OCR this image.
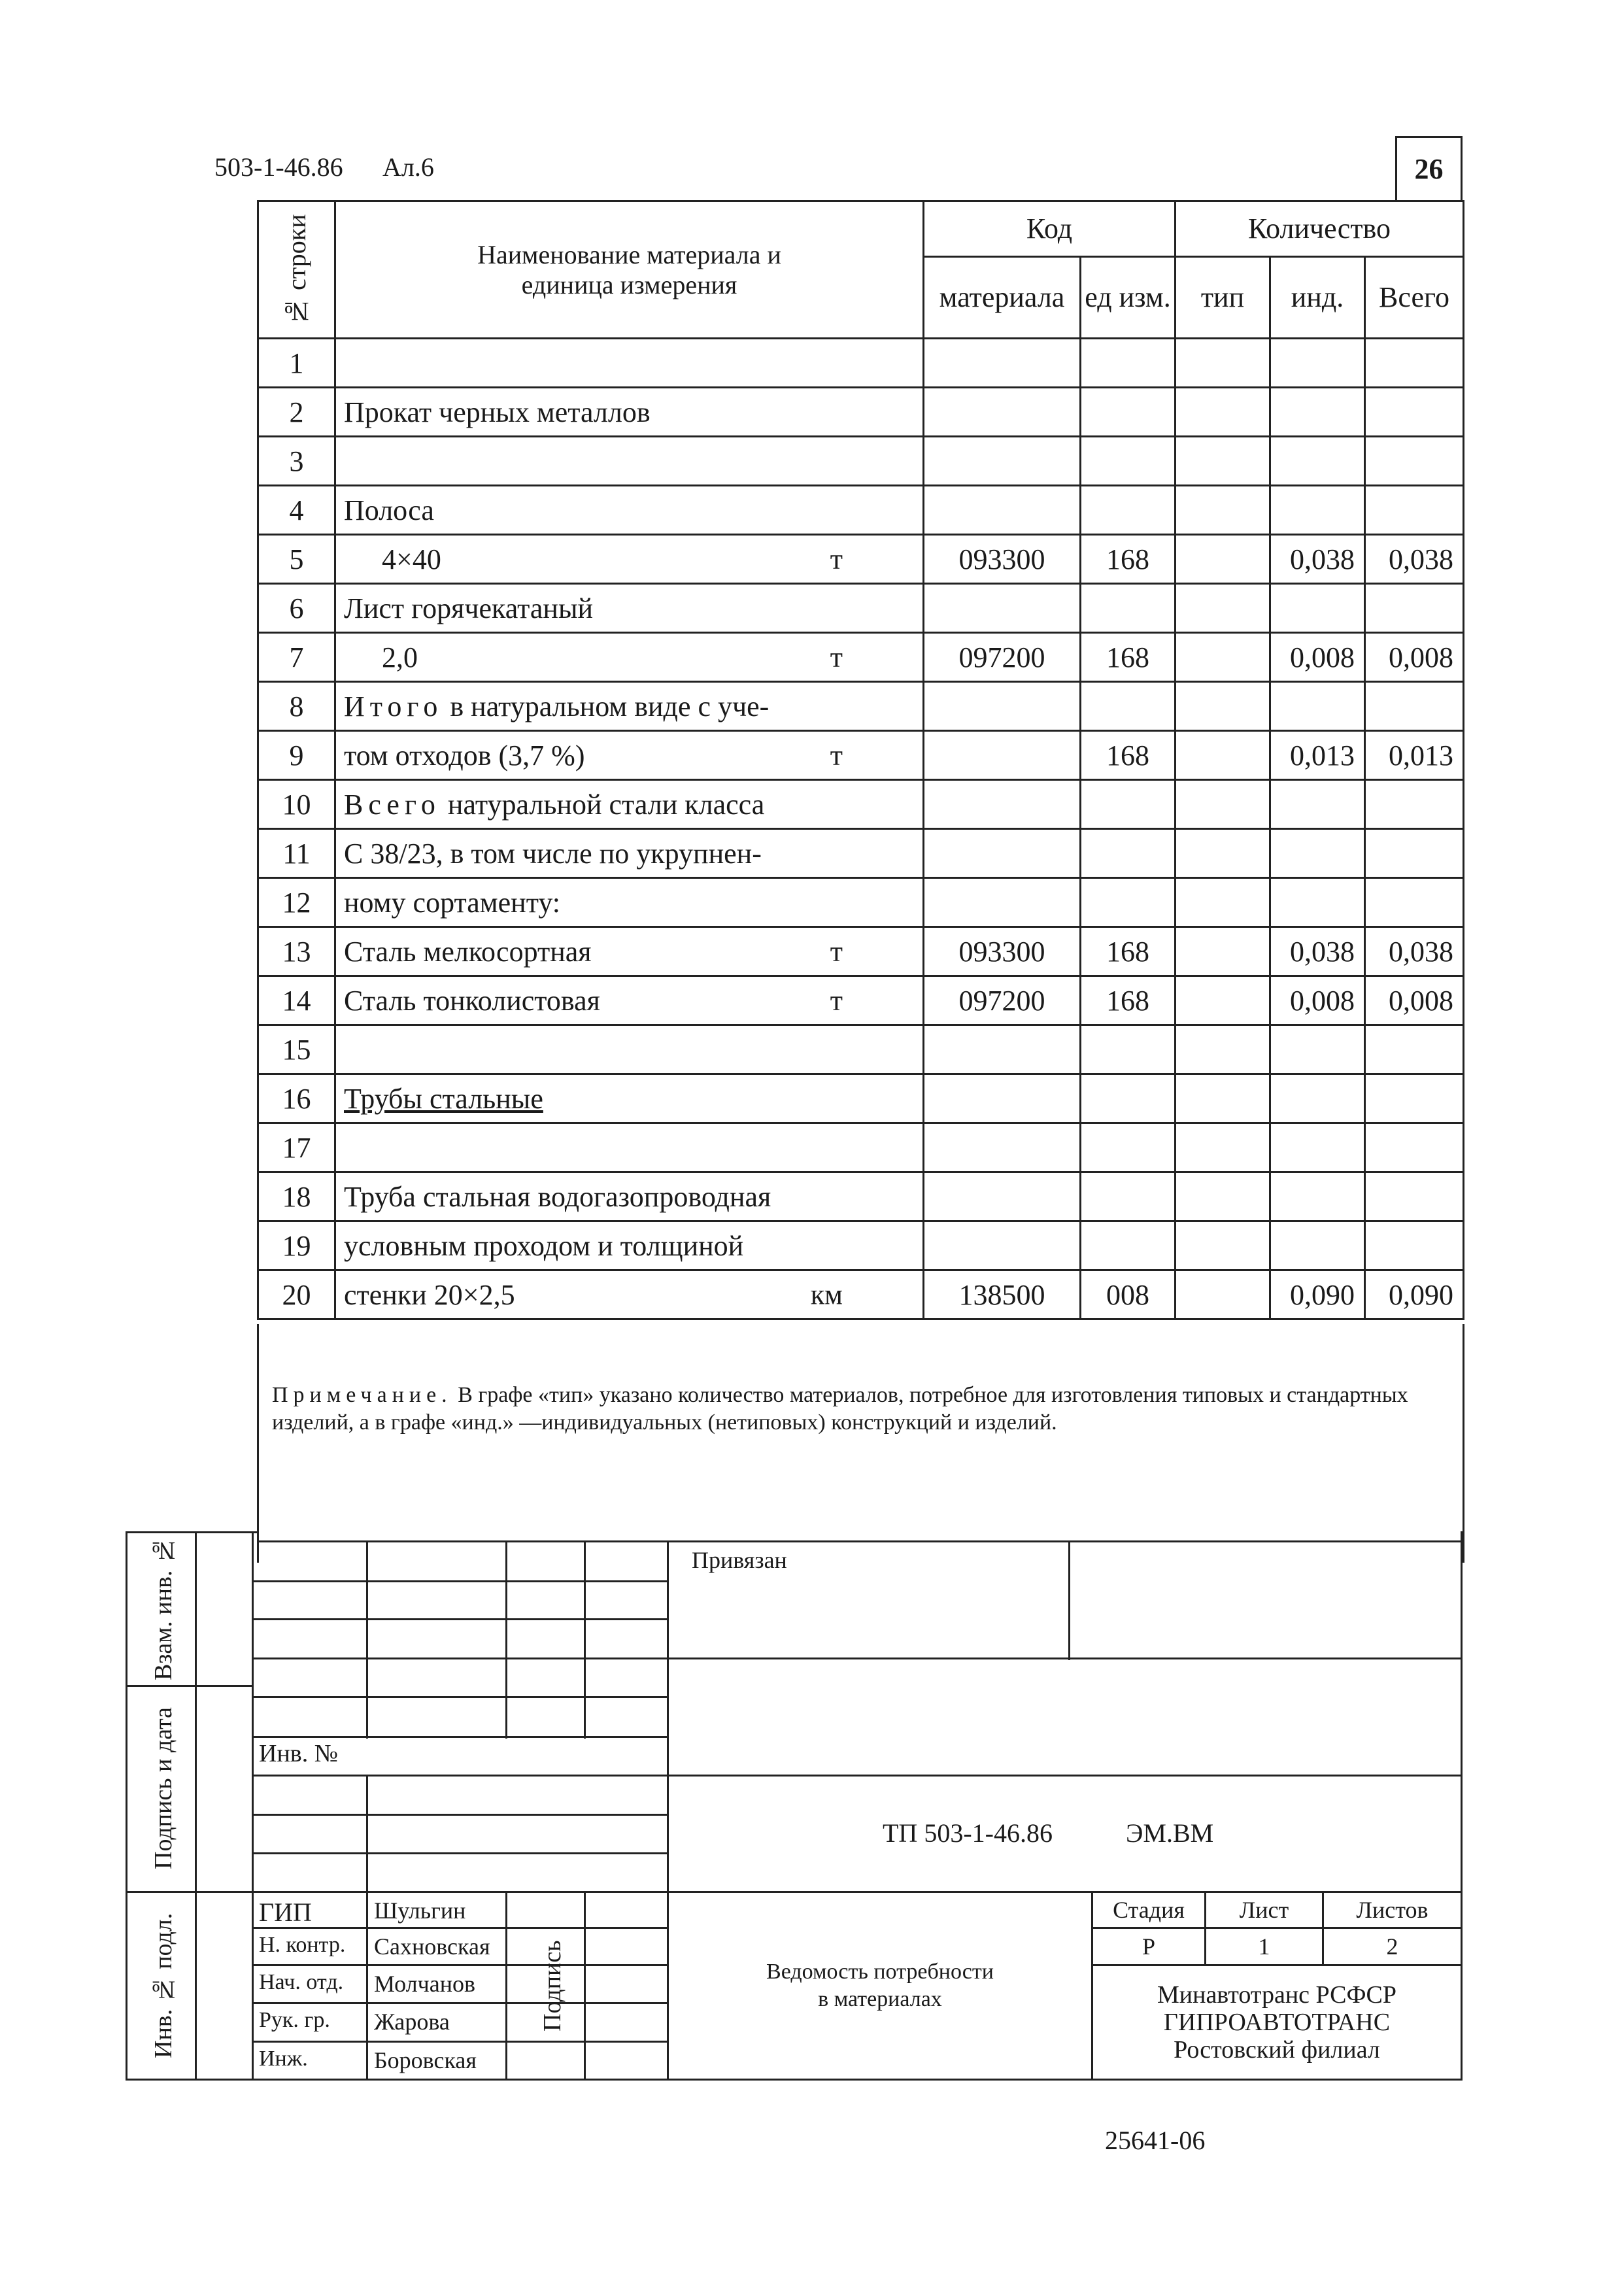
503-1-46.86 Ал.6	26
№ строки	Наименование материала и единица измерения	Код		Количество		
		материала	ед изм.	тип	инд.	Всего
1	

2	Прокат черных металлов

3	

4	Полоса

5	4×40 т	093300	168		0,038	0,038
6	Лист горячекатаный

7	2,0 т	097200	168		0,008	0,008
8	Итого в натуральном виде с уче-

9	том отходов (3,7 %) т		168		0,013	0,013
10	Всего натуральной стали класса

11	С 38/23, в том числе по укрупнен-

12	ному сортаменту:

13	Сталь мелкосортная т	093300	168		0,038	0,038
14	Сталь тонколистовая т	097200	168		0,008	0,008
15	

16	Трубы стальные

17	

18	Труба стальная водогазопроводная

19	условным проходом и толщиной

20	стенки 20×2,5 км	138500	008		0,090	0,090
Примечание. В графе «тип» указано количество материалов, потребное для изготовления типовых и стандартных изделий, а в графе «инд.» —индивидуальных (нетиповых) конструкций и изделий.
Взам. инв. №
Подпись и дата
Инв. № подл.
Привязан
Инв. №
ТП 503-1-46.86	ЭМ.ВМ
ГИП	Шульгин
Н. контр. Сахновская
Нач. отд. Молчанов
Рук. гр. Жарова
Инж.	Боровская
Подпись	Ведомость потребности
в материалах
Стадия	Лист	Листов
Р	1	2
Минавтотранс РСФСР
ГИПРОАВТОТРАНС
Ростовский филиал
25641-06
